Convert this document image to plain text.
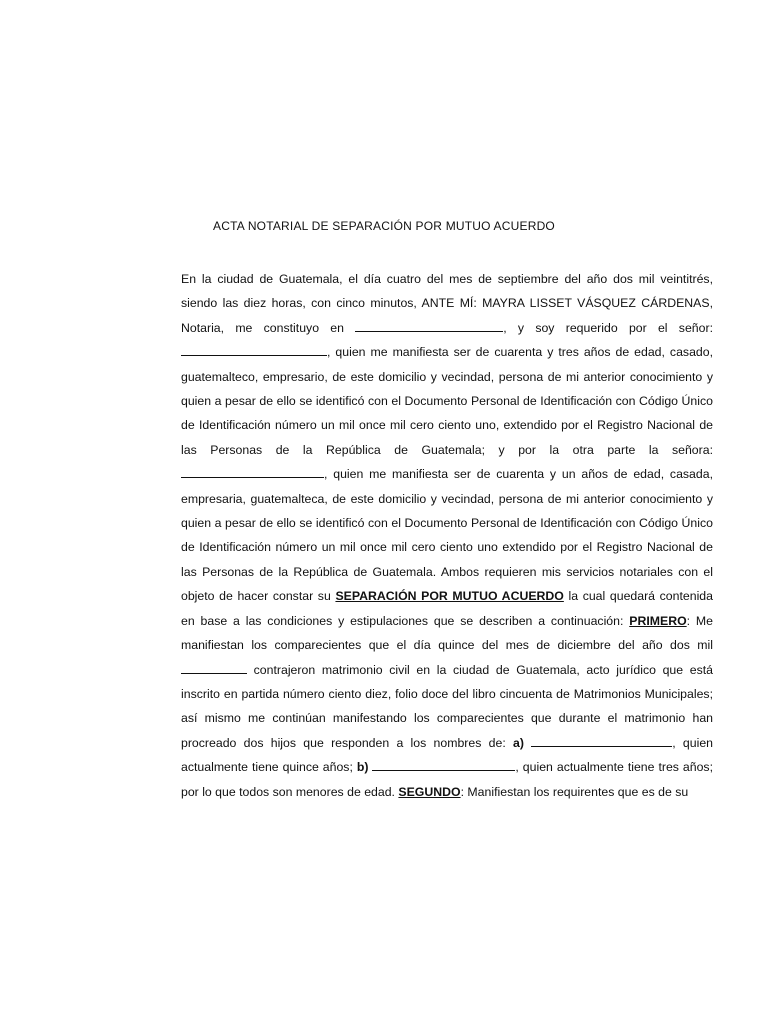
ACTA NOTARIAL DE SEPARACIÓN POR MUTUO ACUERDO

En la ciudad de Guatemala, el día cuatro del mes de septiembre del año dos mil veintitrés, siendo las diez horas, con cinco minutos, ANTE MÍ: MAYRA LISSET VÁSQUEZ CÁRDENAS, Notaria, me constituyo en	, y soy requerido por el señor: , quien me manifiesta ser de cuarenta y tres años de edad, casado, guatemalteco, empresario, de este domicilio y vecindad, persona de mi anterior conocimiento y quien a pesar de ello se identificó con el Documento Personal de Identificación con Código Único de Identificación número un mil once mil cero ciento uno, extendido por el Registro Nacional de las Personas de la República de Guatemala; y por la otra parte la señora: , quien me manifiesta ser de cuarenta y un años de edad, casada, empresaria, guatemalteca, de este domicilio y vecindad, persona de mi anterior conocimiento y quien a pesar de ello se identificó con el Documento Personal de Identificación con Código Único de Identificación número un mil once mil cero ciento uno extendido por el Registro Nacional de las Personas de la República de Guatemala. Ambos requieren mis servicios notariales con el objeto de hacer constar su SEPARACIÓN POR MUTUO ACUERDO la cual quedará contenida en base a las condiciones y estipulaciones que se describen a continuación: PRIMERO: Me manifiestan los comparecientes que el día quince del mes de diciembre del año dos mil  contrajeron matrimonio civil en la ciudad de Guatemala, acto jurídico que está inscrito en partida número ciento diez, folio doce del libro cincuenta de Matrimonios Municipales; así mismo me continúan manifestando los comparecientes que durante el matrimonio han procreado dos hijos que responden a los nombres de: a)	, quien actualmente tiene quince años; b)	, quien actualmente tiene tres años; por lo que todos son menores de edad. SEGUNDO: Manifiestan los requirentes que es de su
